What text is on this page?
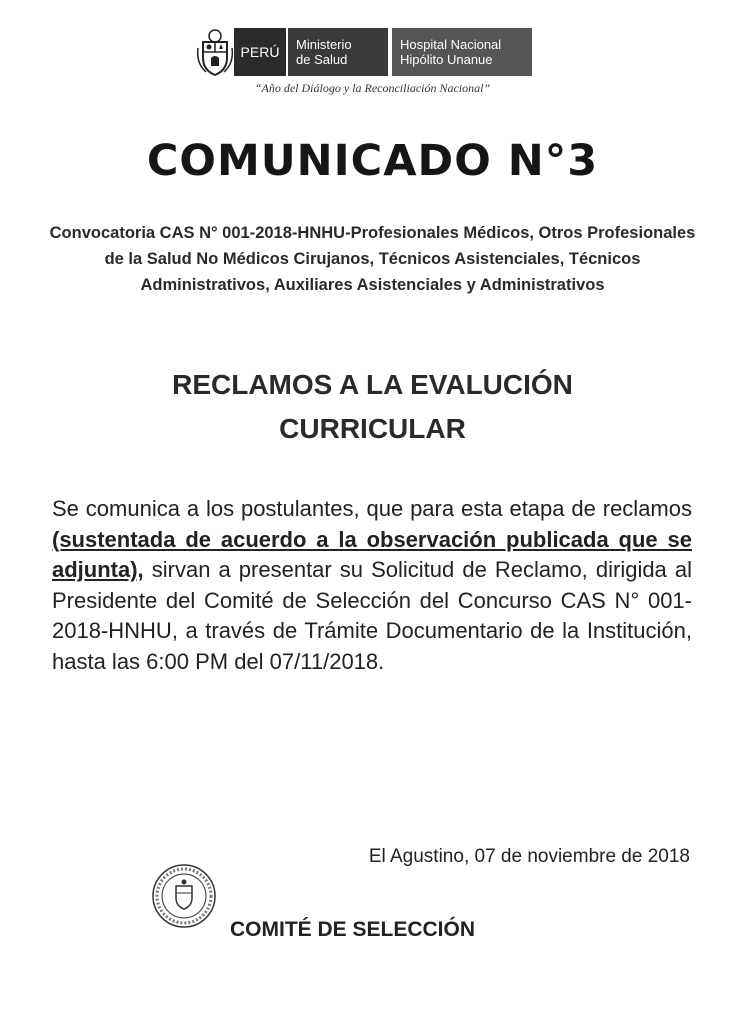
PERÚ Ministerio
de Salud
Hospital Nacional
Hipólito Unanue
“Año del Diálogo y la Reconciliación Nacional”
COMUNICADO N°3
Convocatoria CAS N° 001-2018-HNHU-Profesionales Médicos, Otros Profesionales de la Salud No Médicos Cirujanos, Técnicos Asistenciales, Técnicos Administrativos, Auxiliares Asistenciales y Administrativos
RECLAMOS A LA EVALUCIÓN
CURRICULAR

Se comunica a los postulantes, que para esta etapa de reclamos (sustentada de acuerdo a la observación publicada que se adjunta), sirvan a presentar su Solicitud de Reclamo, dirigida al Presidente del Comité de Selección del Concurso CAS N° 001-2018-HNHU, a través de Trámite Documentario de la Institución, hasta las 6:00 PM del 07/11/2018.

El Agustino, 07 de noviembre de 2018
COMITÉ DE SELECCIÓN
